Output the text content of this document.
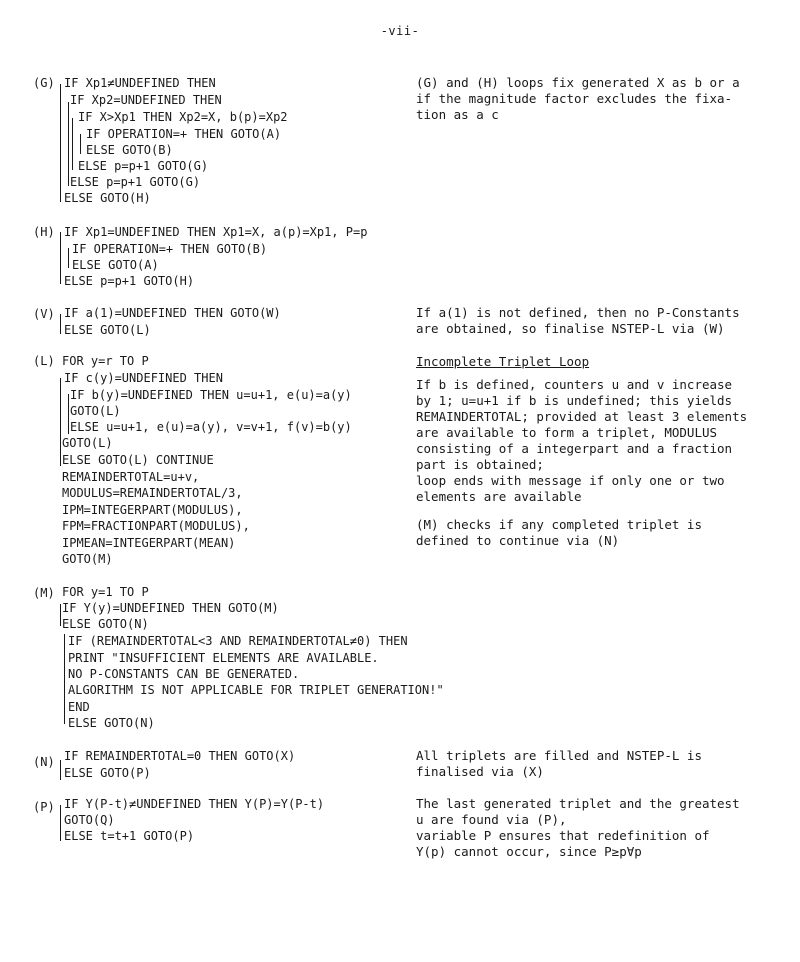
-vii-
(G) IF Xp1≠UNDEFINED THEN
IF Xp2=UNDEFINED THEN
IF X>Xp1 THEN Xp2=X, b(p)=Xp2
IF OPERATION=+ THEN GOTO(A)
ELSE GOTO(B)
ELSE p=p+1 GOTO(G)
ELSE p=p+1 GOTO(G)
ELSE GOTO(H)
(G) and (H) loops fix generated X as b or a
if the magnitude factor excludes the fixa-
tion as a c
(H) IF Xp1=UNDEFINED THEN Xp1=X, a(p)=Xp1, P=p
IF OPERATION=+ THEN GOTO(B)
ELSE GOTO(A)
ELSE p=p+1 GOTO(H)
(V) IF a(1)=UNDEFINED THEN GOTO(W)
ELSE GOTO(L)
If a(1) is not defined, then no P-Constants
are obtained, so finalise NSTEP-L via (W)
(L) FOR y=r TO P
IF c(y)=UNDEFINED THEN
IF b(y)=UNDEFINED THEN u=u+1, e(u)=a(y)
GOTO(L)
ELSE u=u+1, e(u)=a(y), v=v+1, f(v)=b(y)
GOTO(L)
ELSE GOTO(L) CONTINUE
REMAINDERTOTAL=u+v,
MODULUS=REMAINDERTOTAL/3,
IPM=INTEGERPART(MODULUS),
FPM=FRACTIONPART(MODULUS),
IPMEAN=INTEGERPART(MEAN)
GOTO(M)
Incomplete Triplet Loop
If b is defined, counters u and v increase
by 1; u=u+1 if b is undefined; this yields
REMAINDERTOTAL; provided at least 3 elements
are available to form a triplet, MODULUS
consisting of a integerpart and a fraction
part is obtained;
loop ends with message if only one or two
elements are available
(M) checks if any completed triplet is
defined to continue via (N)
(M) FOR y=1 TO P
IF Y(y)=UNDEFINED THEN GOTO(M)
ELSE GOTO(N)
IF (REMAINDERTOTAL<3 AND REMAINDERTOTAL≠0) THEN
PRINT "INSUFFICIENT ELEMENTS ARE AVAILABLE.
NO P-CONSTANTS CAN BE GENERATED.
ALGORITHM IS NOT APPLICABLE FOR TRIPLET GENERATION!"
END
ELSE GOTO(N)
(N) IF REMAINDERTOTAL=0 THEN GOTO(X)
ELSE GOTO(P)
All triplets are filled and NSTEP-L is
finalised via (X)
(P) IF Y(P-t)≠UNDEFINED THEN Y(P)=Y(P-t)
GOTO(Q)
ELSE t=t+1 GOTO(P)
The last generated triplet and the greatest
u are found via (P),
variable P ensures that redefinition of
Y(p) cannot occur, since P≥p∀p
